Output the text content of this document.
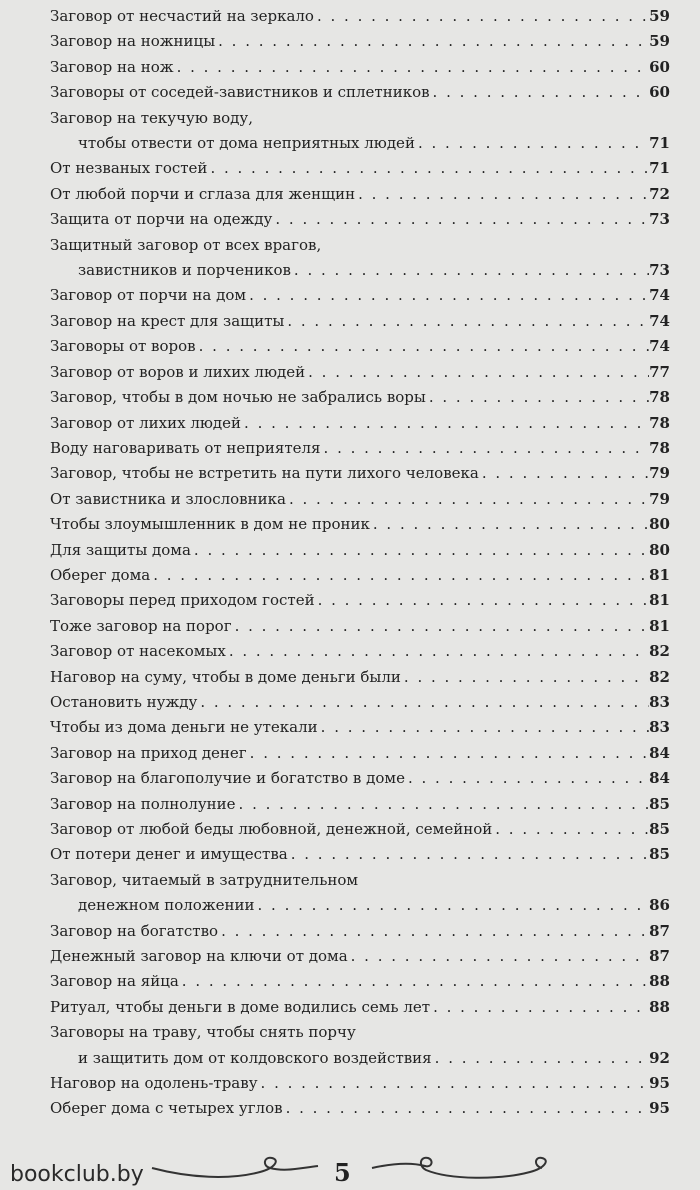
Заговор от несчастий на зеркало . . .	59
Заговор на ножницы . . .	59
Заговор на нож . . .	60
Заговоры от соседей-завистников и сплетников . . .	60
Заговор на текучую воду,
чтобы отвести от дома неприятных людей . . .	71
От незваных гостей . . .	71
От любой порчи и сглаза для женщин . . .	72
Защита от порчи на одежду . . .	73
Защитный заговор от всех врагов,
завистников и порчеников . . .	73
Заговор от порчи на дом . . .	74
Заговор на крест для защиты . . .	74
Заговоры от воров . . .	74
Заговор от воров и лихих людей . . .	77
Заговор, чтобы в дом ночью не забрались воры . . .	78
Заговор от лихих людей . . .	78
Воду наговаривать от неприятеля . . .	78
Заговор, чтобы не встретить на пути лихого человека . . .	79
От завистника и злословника . . .	79
Чтобы злоумышленник в дом не проник . . .	80
Для защиты дома . . .	80
Оберег дома . . .	81
Заговоры перед приходом гостей . . .	81
Тоже заговор на порог . . .	81
Заговор от насекомых . . .	82
Наговор на суму, чтобы в доме деньги были . . .	82
Остановить нужду . . .	83
Чтобы из дома деньги не утекали . . .	83
Заговор на приход денег . . .	84
Заговор на благополучие и богатство в доме . . .	84
Заговор на полнолуние . . .	85
Заговор от любой беды любовной, денежной, семейной . . .	85
От потери денег и имущества . . .	85
Заговор, читаемый в затруднительном
денежном положении . . .	86
Заговор на богатство . . .	87
Денежный заговор на ключи от дома . . .	87
Заговор на яйца . . .	88
Ритуал, чтобы деньги в доме водились семь лет . . .	88
Заговоры на траву, чтобы снять порчу
и защитить дом от колдовского воздействия . . .	92
Наговор на одолень-траву . . .	95
Оберег дома с четырех углов . . .	95
bookclub.by	5
